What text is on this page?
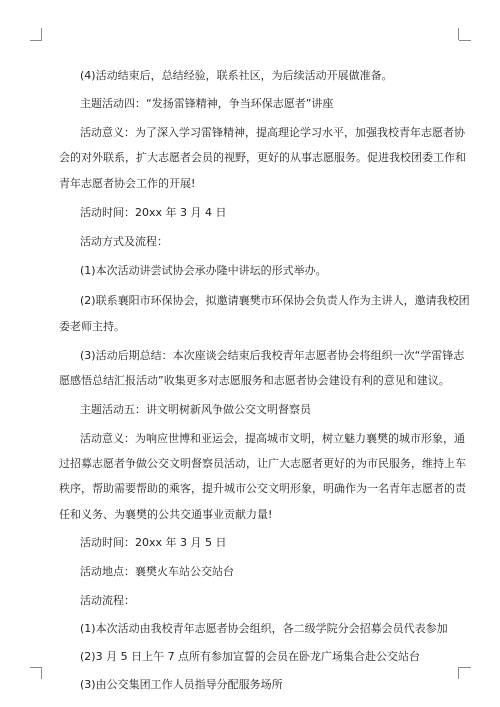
(4)活动结束后，总结经验，联系社区，为后续活动开展做准备。
主题活动四：“发扬雷锋精神，争当环保志愿者”讲座
活动意义：为了深入学习雷锋精神，提高理论学习水平，加强我校青年志愿者协
会的对外联系，扩大志愿者会员的视野，更好的从事志愿服务。促进我校团委工作和
青年志愿者协会工作的开展!
活动时间：20xx 年 3 月 4 日
活动方式及流程：
(1)本次活动讲尝试协会承办隆中讲坛的形式举办。
(2)联系襄阳市环保协会，拟邀请襄樊市环保协会负责人作为主讲人，邀请我校团
委老师主持。
(3)活动后期总结：本次座谈会结束后我校青年志愿者协会将组织一次“学雷锋志
愿感悟总结汇报活动”收集更多对志愿服务和志愿者协会建设有利的意见和建议。
主题活动五：讲文明树新风争做公交文明督察员
活动意义：为响应世博和亚运会，提高城市文明，树立魅力襄樊的城市形象，通
过招募志愿者争做公交文明督察员活动，让广大志愿者更好的为市民服务，维持上车
秩序，帮助需要帮助的乘客，提升城市公交文明形象，明确作为一名青年志愿者的责
任和义务、为襄樊的公共交通事业贡献力量!
活动时间：20xx 年 3 月 5 日
活动地点：襄樊火车站公交站台
活动流程：
(1)本次活动由我校青年志愿者协会组织，各二级学院分会招募会员代表参加
(2)3 月 5 日上午 7 点所有参加宣誓的会员在卧龙广场集合赴公交站台
(3)由公交集团工作人员指导分配服务场所
